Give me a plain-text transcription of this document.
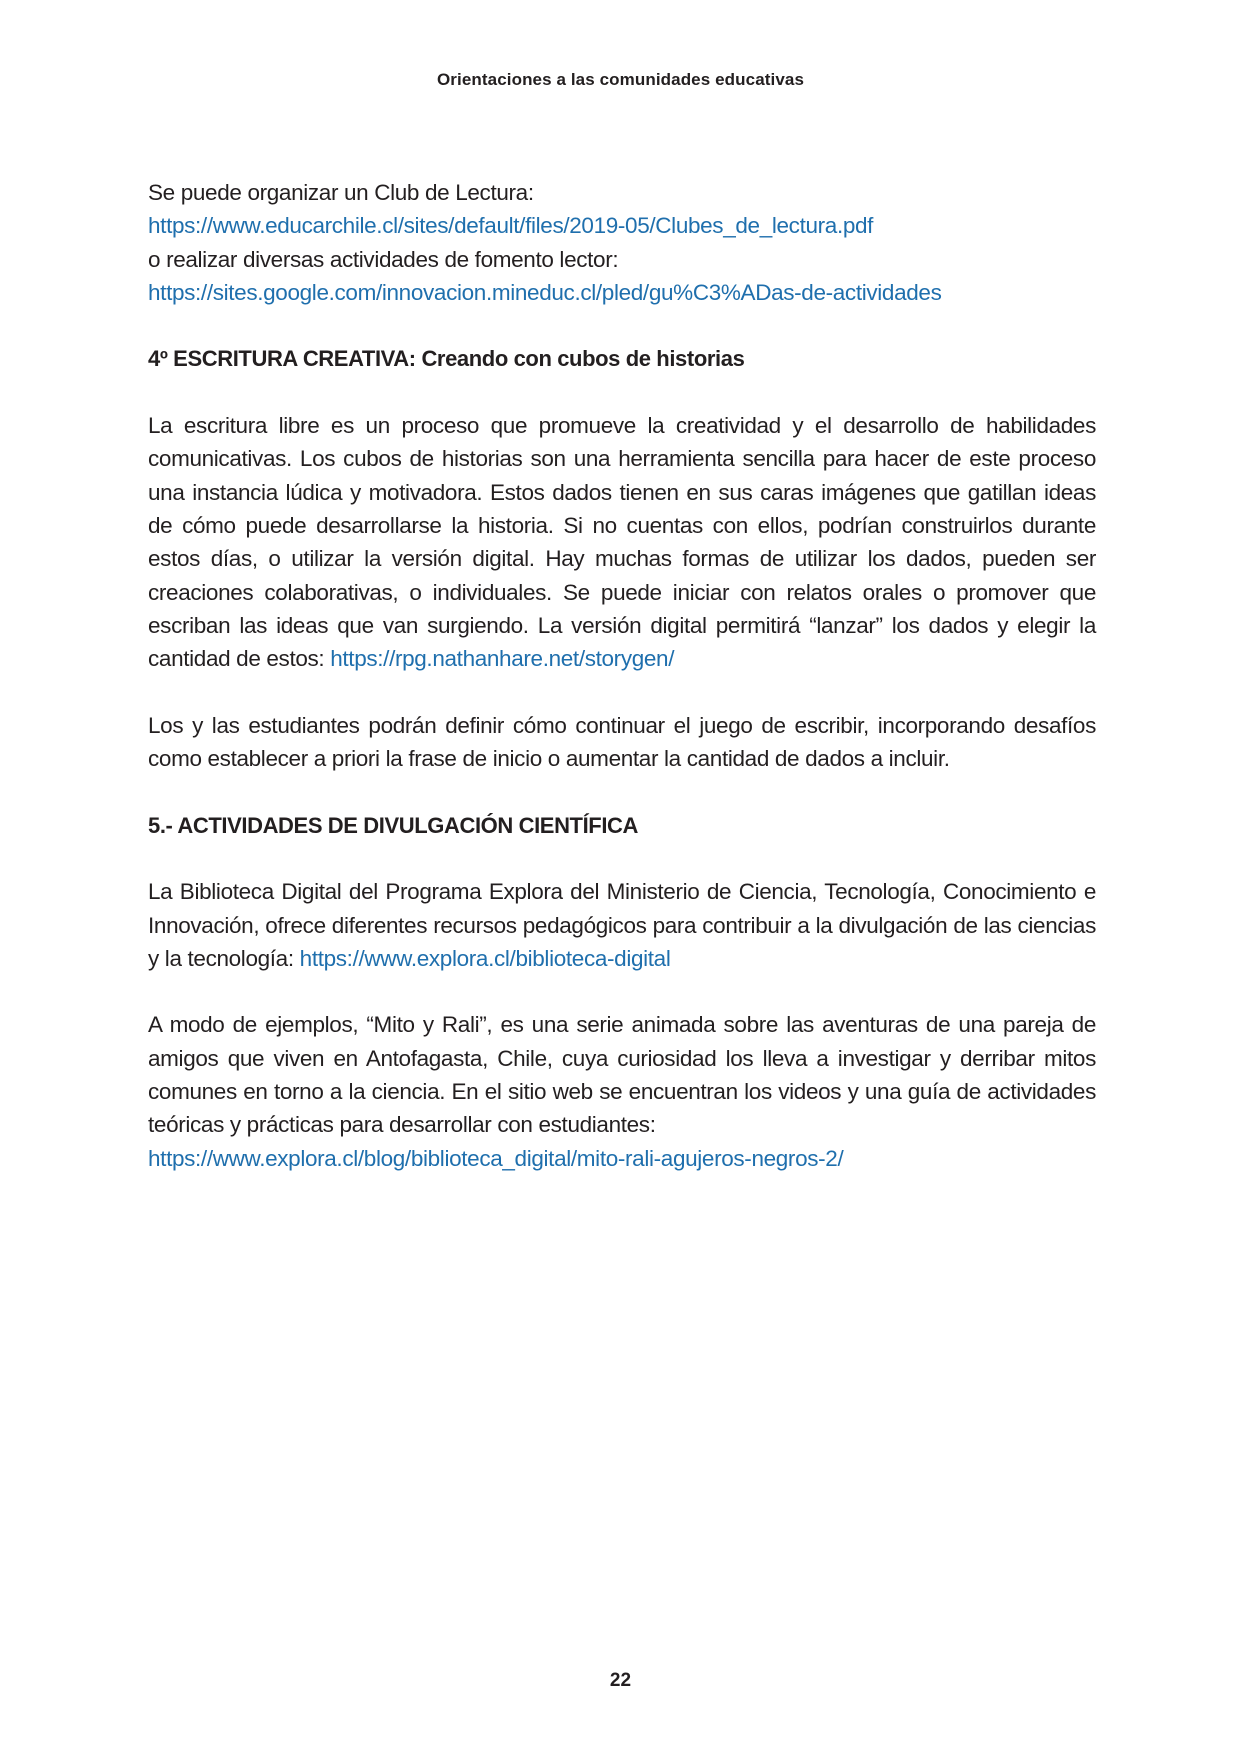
Orientaciones a las comunidades educativas
Se puede organizar un Club de Lectura:
https://www.educarchile.cl/sites/default/files/2019-05/Clubes_de_lectura.pdf
o realizar diversas actividades de fomento lector:
https://sites.google.com/innovacion.mineduc.cl/pled/gu%C3%ADas-de-actividades
4º ESCRITURA CREATIVA: Creando con cubos de historias

La escritura libre es un proceso que promueve la creatividad y el desarrollo de habilidades comunicativas. Los cubos de historias son una herramienta sencilla para hacer de este proceso una instancia lúdica y motivadora. Estos dados tienen en sus caras imágenes que gatillan ideas de cómo puede desarrollarse la historia. Si no cuentas con ellos, podrían construirlos durante estos días, o utilizar la versión digital. Hay muchas formas de utilizar los dados, pueden ser creaciones colaborativas, o individuales. Se puede iniciar con relatos orales o promover que escriban las ideas que van surgiendo. La versión digital permitirá “lanzar” los dados y elegir la cantidad de estos: https://rpg.nathanhare.net/storygen/

Los y las estudiantes podrán definir cómo continuar el juego de escribir, incorporando desafíos como establecer a priori la frase de inicio o aumentar la cantidad de dados a incluir.

5.- ACTIVIDADES DE DIVULGACIÓN CIENTÍFICA

La Biblioteca Digital del Programa Explora del Ministerio de Ciencia, Tecnología, Conocimiento e Innovación, ofrece diferentes recursos pedagógicos para contribuir a la divulgación de las ciencias y la tecnología: https://www.explora.cl/biblioteca-digital

A modo de ejemplos, “Mito y Rali”, es una serie animada sobre las aventuras de una pareja de amigos que viven en Antofagasta, Chile, cuya curiosidad los lleva a investigar y derribar mitos comunes en torno a la ciencia. En el sitio web se encuentran los videos y una guía de actividades teóricas y prácticas para desarrollar con estudiantes:

https://www.explora.cl/blog/biblioteca_digital/mito-rali-agujeros-negros-2/
22
